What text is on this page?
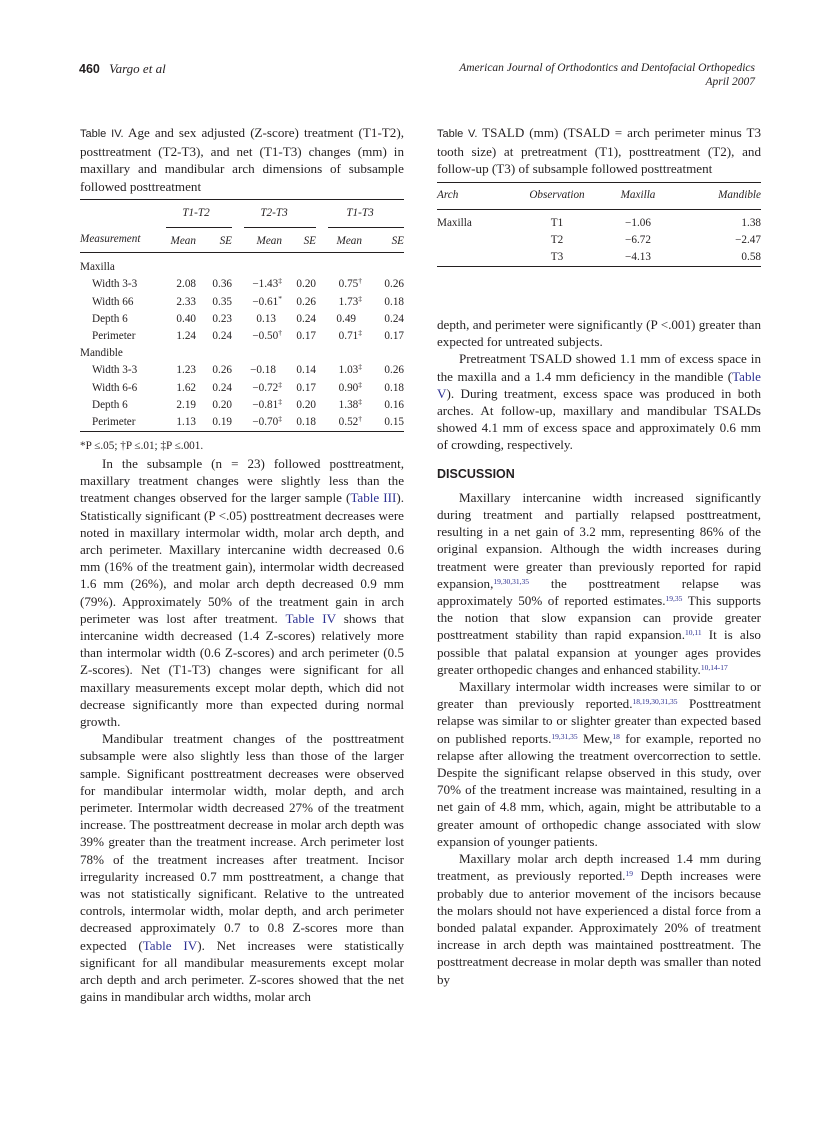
460 Vargo et al	American Journal of Orthodontics and Dentofacial Orthopedics
April 2007
Table IV. Age and sex adjusted (Z-score) treatment (T1-T2), posttreatment (T2-T3), and net (T1-T3) changes (mm) in maxillary and mandibular arch dimensions of subsample followed posttreatment

	T1-T2		T2-T3		T1-T3	

Measurement	Mean	SE	Mean	SE	Mean	SE

Maxilla						
Width 3-3	2.08	0.36	−1.43‡	0.20	0.75†	0.26
Width 66	2.33	0.35	−0.61*	0.26	1.73‡	0.18
Depth 6	0.40	0.23	0.13	0.24	0.49	0.24
Perimeter	1.24	0.24	−0.50†	0.17	0.71‡	0.17
Mandible						
Width 3-3	1.23	0.26	−0.18	0.14	1.03‡	0.26
Width 6-6	1.62	0.24	−0.72‡	0.17	0.90‡	0.18
Depth 6	2.19	0.20	−0.81‡	0.20	1.38‡	0.16
Perimeter	1.13	0.19	−0.70‡	0.18	0.52†	0.15

*P ≤.05; †P ≤.01; ‡P ≤.001.

In the subsample (n = 23) followed posttreatment, maxillary treatment changes were slightly less than the treatment changes observed for the larger sample (Table III). Statistically significant (P <.05) posttreatment decreases were noted in maxillary intermolar width, molar arch depth, and arch perimeter. Maxillary intercanine width decreased 0.6 mm (16% of the treatment gain), intermolar width decreased 1.6 mm (26%), and molar arch depth decreased 0.9 mm (79%). Approximately 50% of the treatment gain in arch perimeter was lost after treatment. Table IV shows that intercanine width decreased (1.4 Z-scores) relatively more than intermolar width (0.6 Z-scores) and arch perimeter (0.5 Z-scores). Net (T1-T3) changes were significant for all maxillary measurements except molar depth, which did not decrease significantly more than expected during normal growth.

Mandibular treatment changes of the posttreatment subsample were also slightly less than those of the larger sample. Significant posttreatment decreases were observed for mandibular intermolar width, molar depth, and arch perimeter. Intermolar width decreased 27% of the treatment increase. The posttreatment decrease in molar arch depth was 39% greater than the treatment increase. Arch perimeter lost 78% of the treatment increases after treatment. Incisor irregularity increased 0.7 mm posttreatment, a change that was not statistically significant. Relative to the untreated controls, intermolar width, molar depth, and arch perimeter decreased approximately 0.7 to 0.8 Z-scores more than expected (Table IV). Net increases were statistically significant for all mandibular measurements except molar arch depth and arch perimeter. Z-scores showed that the net gains in mandibular arch widths, molar arch

Table V. TSALD (mm) (TSALD = arch perimeter minus T3 tooth size) at pretreatment (T1), posttreatment (T2), and follow-up (T3) of subsample followed posttreatment

Arch	Observation	Maxilla	Mandible

Maxilla	T1	−1.06	1.38
	T2	−6.72	−2.47
	T3	−4.13	0.58

depth, and perimeter were significantly (P <.001) greater than expected for untreated subjects.

Pretreatment TSALD showed 1.1 mm of excess space in the maxilla and a 1.4 mm deficiency in the mandible (Table V). During treatment, excess space was produced in both arches. At follow-up, maxillary and mandibular TSALDs showed 4.1 mm of excess space and approximately 0.6 mm of crowding, respectively.

DISCUSSION

Maxillary intercanine width increased significantly during treatment and partially relapsed posttreatment, resulting in a net gain of 3.2 mm, representing 86% of the original expansion. Although the width increases during treatment were greater than previously reported for rapid expansion,$^{19,30,31,35}$ the posttreatment relapse was approximately 50% of reported estimates.$^{19,35}$ This supports the notion that slow expansion can provide greater posttreatment stability than rapid expansion.$^{10,11}$ It is also possible that palatal expansion at younger ages provides greater orthopedic changes and enhanced stability.$^{10,14-17}$

Maxillary intermolar width increases were similar to or greater than previously reported.$^{18,19,30,31,35}$ Posttreatment relapse was similar to or slighter greater than expected based on published reports.$^{19,31,35}$ Mew,$^{18}$ for example, reported no relapse after allowing the treatment overcorrection to settle. Despite the significant relapse observed in this study, over 70% of the treatment increase was maintained, resulting in a net gain of 4.8 mm, which, again, might be attributable to a greater amount of orthopedic change associated with slow expansion of younger patients.

Maxillary molar arch depth increased 1.4 mm during treatment, as previously reported.$^{19}$ Depth increases were probably due to anterior movement of the incisors because the molars should not have experienced a distal force from a bonded palatal expander. Approximately 20% of treatment increase in arch depth was maintained posttreatment. The posttreatment decrease in molar depth was smaller than noted by
